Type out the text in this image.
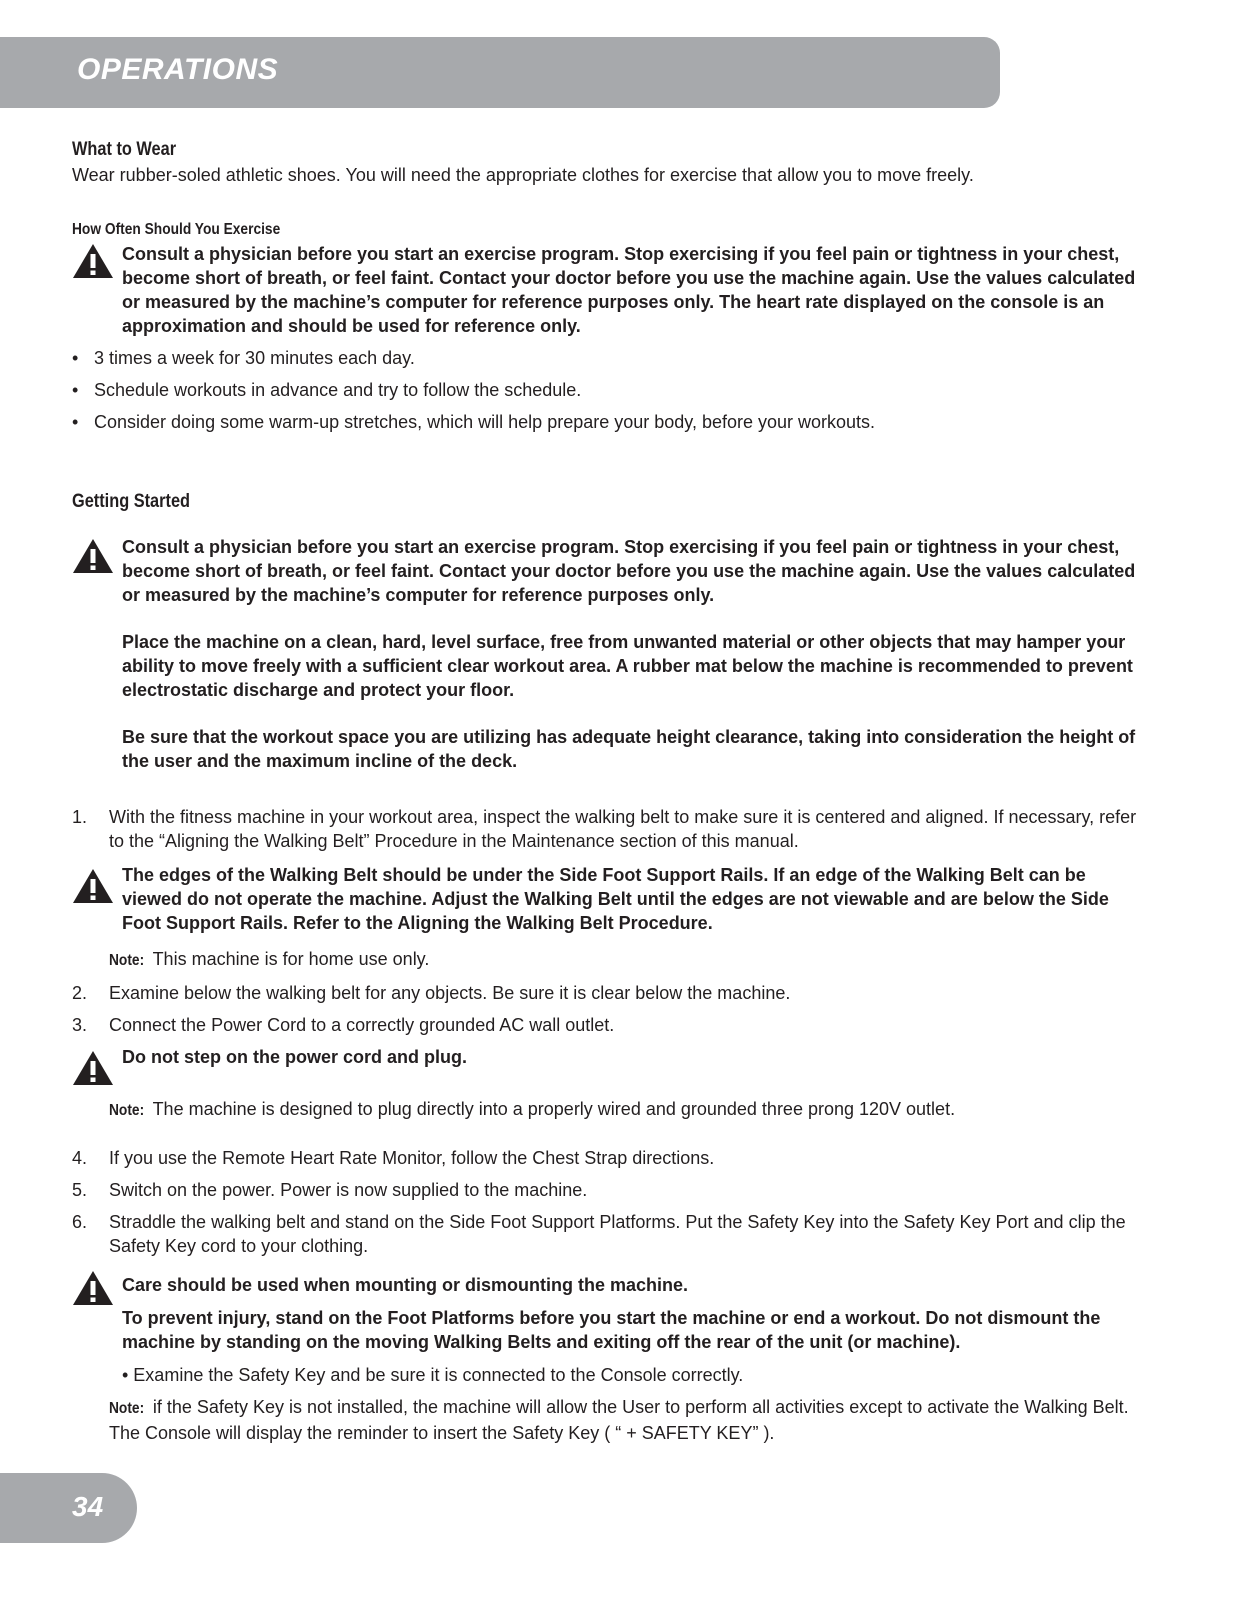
OPERATIONS
What to Wear

Wear rubber-soled athletic shoes. You will need the appropriate clothes for exercise that allow you to move freely.

How Often Should You Exercise

Consult a physician before you start an exercise program. Stop exercising if you feel pain or tightness in your chest, become short of breath, or feel faint. Contact your doctor before you use the machine again. Use the values calculated or measured by the machine’s computer for reference purposes only. The heart rate displayed on the console is an approximation and should be used for reference only.

• 3 times a week for 30 minutes each day.
• Schedule workouts in advance and try to follow the schedule.
• Consider doing some warm-up stretches, which will help prepare your body, before your workouts.
Getting Started

Consult a physician before you start an exercise program. Stop exercising if you feel pain or tightness in your chest, become short of breath, or feel faint. Contact your doctor before you use the machine again. Use the values calculated or measured by the machine’s computer for reference purposes only.

Place the machine on a clean, hard, level surface, free from unwanted material or other objects that may hamper your ability to move freely with a sufficient clear workout area. A rubber mat below the machine is recommended to prevent electrostatic discharge and protect your floor.

Be sure that the workout space you are utilizing has adequate height clearance, taking into consideration the height of the user and the maximum incline of the deck.

1. With the fitness machine in your workout area, inspect the walking belt to make sure it is centered and aligned. If necessary, refer to the “Aligning the Walking Belt” Procedure in the Maintenance section of this manual.

The edges of the Walking Belt should be under the Side Foot Support Rails. If an edge of the Walking Belt can be viewed do not operate the machine. Adjust the Walking Belt until the edges are not viewable and are below the Side Foot Support Rails. Refer to the Aligning the Walking Belt Procedure.

Note: This machine is for home use only.
2. Examine below the walking belt for any objects. Be sure it is clear below the machine.
3. Connect the Power Cord to a correctly grounded AC wall outlet.

Do not step on the power cord and plug.

Note: The machine is designed to plug directly into a properly wired and grounded three prong 120V outlet.
4. If you use the Remote Heart Rate Monitor, follow the Chest Strap directions.
5. Switch on the power. Power is now supplied to the machine.
6. Straddle the walking belt and stand on the Side Foot Support Platforms. Put the Safety Key into the Safety Key Port and clip the Safety Key cord to your clothing.

Care should be used when mounting or dismounting the machine.

To prevent injury, stand on the Foot Platforms before you start the machine or end a workout. Do not dismount the machine by standing on the moving Walking Belts and exiting off the rear of the unit (or machine).

• Examine the Safety Key and be sure it is connected to the Console correctly.

Note: if the Safety Key is not installed, the machine will allow the User to perform all activities except to activate the Walking Belt. The Console will display the reminder to insert the Safety Key ( “ + SAFETY KEY” ).
34
